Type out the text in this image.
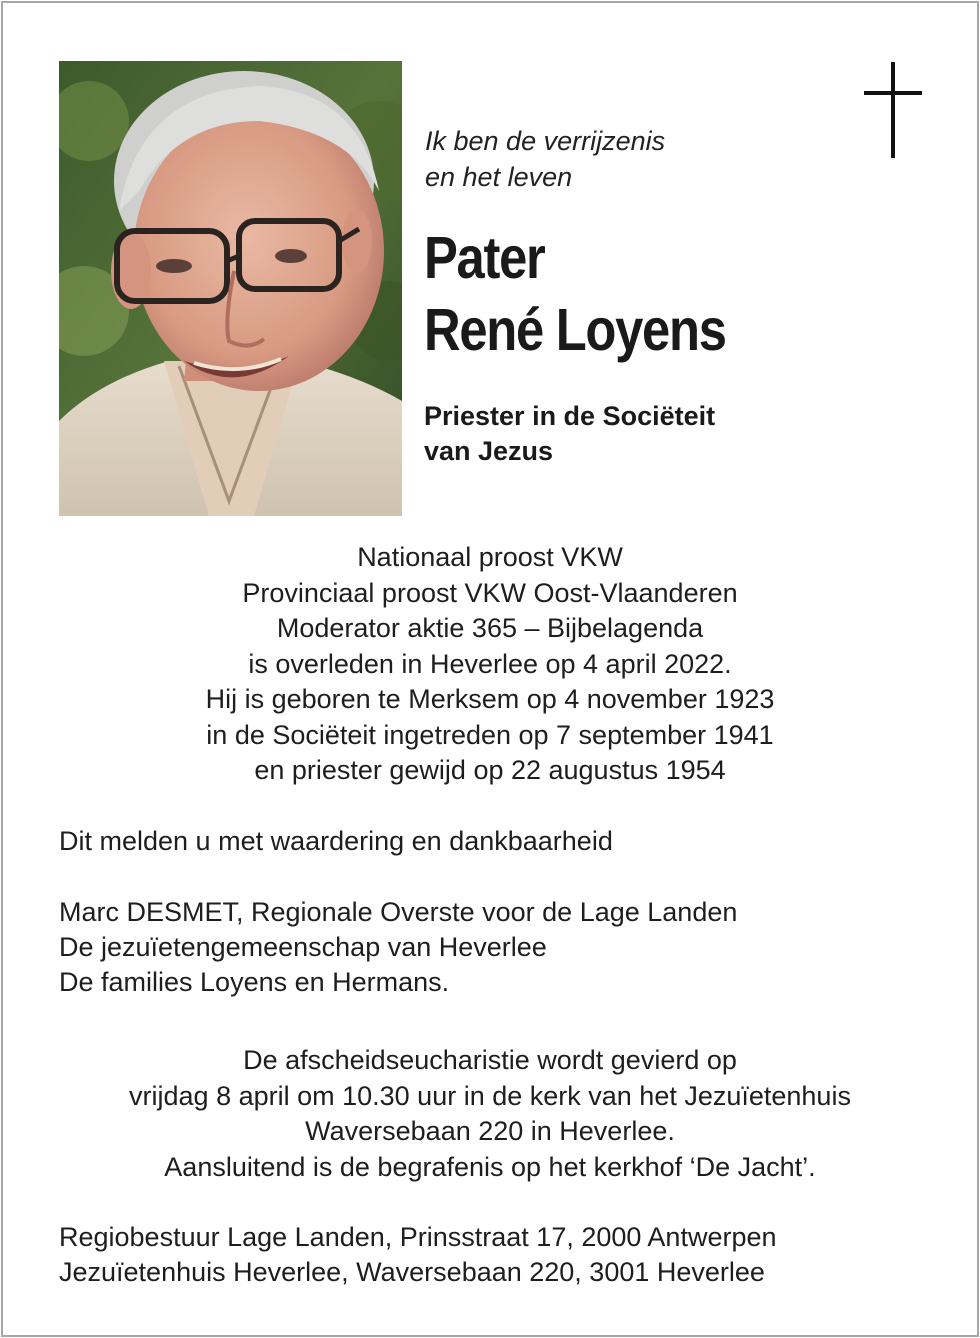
Ik ben de verrijzenis
en het leven
Pater
René Loyens
Priester in de Sociëteit
van Jezus
Nationaal proost VKW
Provinciaal proost VKW Oost-Vlaanderen
Moderator aktie 365 – Bijbelagenda
is overleden in Heverlee op 4 april 2022.
Hij is geboren te Merksem op 4 november 1923
in de Sociëteit ingetreden op 7 september 1941
en priester gewijd op 22 augustus 1954
Dit melden u met waardering en dankbaarheid
Marc DESMET, Regionale Overste voor de Lage Landen
De jezuïetengemeenschap van Heverlee
De families Loyens en Hermans.
De afscheidseucharistie wordt gevierd op
vrijdag 8 april om 10.30 uur in de kerk van het Jezuïetenhuis
Waversebaan 220 in Heverlee.
Aansluitend is de begrafenis op het kerkhof ‘De Jacht’.
Regiobestuur Lage Landen, Prinsstraat 17, 2000 Antwerpen
Jezuïetenhuis Heverlee, Waversebaan 220, 3001 Heverlee
